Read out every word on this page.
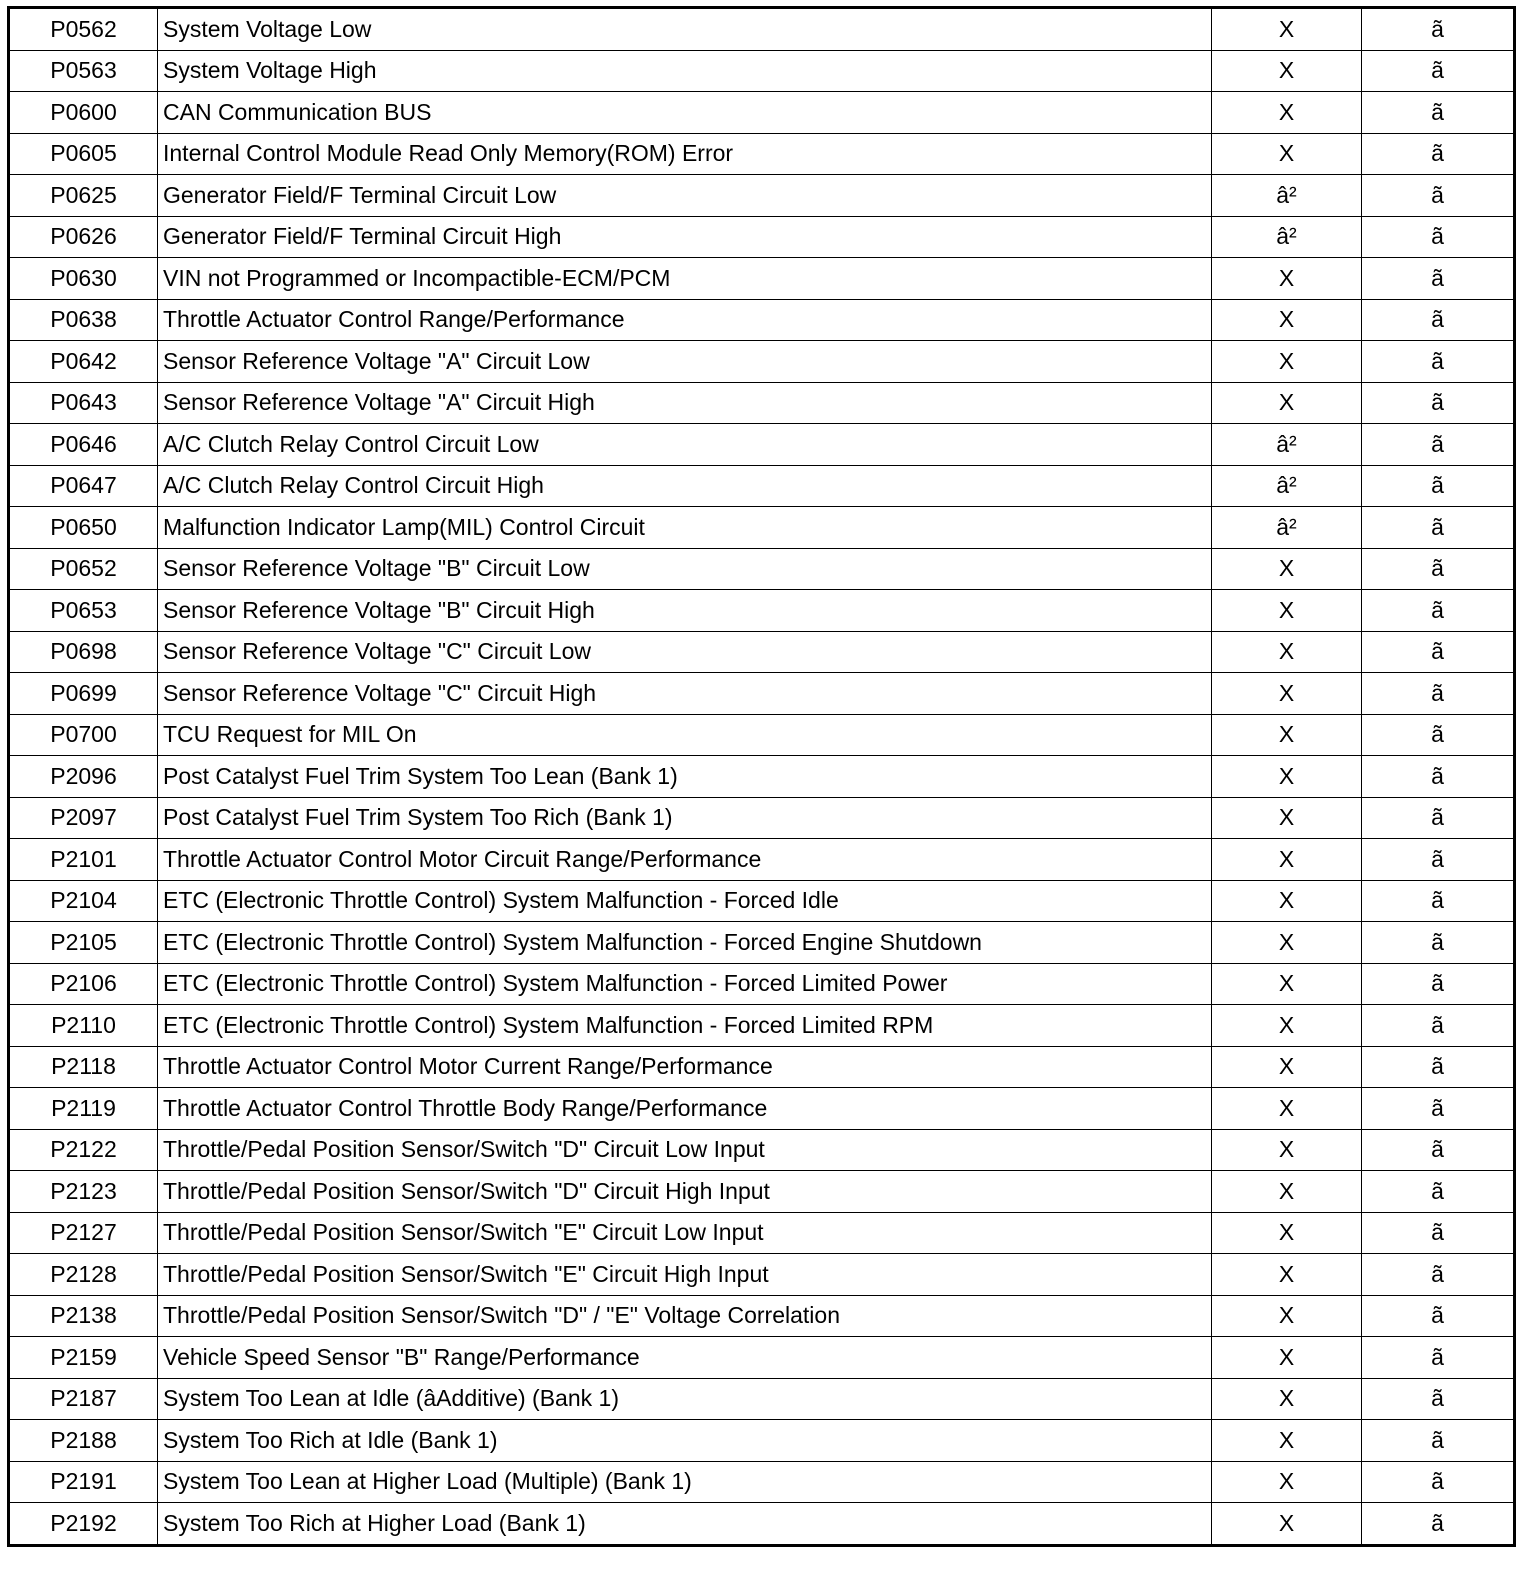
P0562	System Voltage Low	X	ã
P0563	System Voltage High	X	ã
P0600	CAN Communication BUS	X	ã
P0605	Internal Control Module Read Only Memory(ROM) Error	X	ã
P0625	Generator Field/F Terminal Circuit Low	â²	ã
P0626	Generator Field/F Terminal Circuit High	â²	ã
P0630	VIN not Programmed or Incompactible-ECM/PCM	X	ã
P0638	Throttle Actuator Control Range/Performance	X	ã
P0642	Sensor Reference Voltage "A" Circuit Low	X	ã
P0643	Sensor Reference Voltage "A" Circuit High	X	ã
P0646	A/C Clutch Relay Control Circuit Low	â²	ã
P0647	A/C Clutch Relay Control Circuit High	â²	ã
P0650	Malfunction Indicator Lamp(MIL) Control Circuit	â²	ã
P0652	Sensor Reference Voltage "B" Circuit Low	X	ã
P0653	Sensor Reference Voltage "B" Circuit High	X	ã
P0698	Sensor Reference Voltage "C" Circuit Low	X	ã
P0699	Sensor Reference Voltage "C" Circuit High	X	ã
P0700	TCU Request for MIL On	X	ã
P2096	Post Catalyst Fuel Trim System Too Lean (Bank 1)	X	ã
P2097	Post Catalyst Fuel Trim System Too Rich (Bank 1)	X	ã
P2101	Throttle Actuator Control Motor Circuit Range/Performance	X	ã
P2104	ETC (Electronic Throttle Control) System Malfunction - Forced Idle	X	ã
P2105	ETC (Electronic Throttle Control) System Malfunction - Forced Engine Shutdown	X	ã
P2106	ETC (Electronic Throttle Control) System Malfunction - Forced Limited Power	X	ã
P2110	ETC (Electronic Throttle Control) System Malfunction - Forced Limited RPM	X	ã
P2118	Throttle Actuator Control Motor Current Range/Performance	X	ã
P2119	Throttle Actuator Control Throttle Body Range/Performance	X	ã
P2122	Throttle/Pedal Position Sensor/Switch "D" Circuit Low Input	X	ã
P2123	Throttle/Pedal Position Sensor/Switch "D" Circuit High Input	X	ã
P2127	Throttle/Pedal Position Sensor/Switch "E" Circuit Low Input	X	ã
P2128	Throttle/Pedal Position Sensor/Switch "E" Circuit High Input	X	ã
P2138	Throttle/Pedal Position Sensor/Switch "D" / "E" Voltage Correlation	X	ã
P2159	Vehicle Speed Sensor "B" Range/Performance	X	ã
P2187	System Too Lean at Idle (âAdditive) (Bank 1)	X	ã
P2188	System Too Rich at Idle (Bank 1)	X	ã
P2191	System Too Lean at Higher Load (Multiple) (Bank 1)	X	ã
P2192	System Too Rich at Higher Load (Bank 1)	X	ã
